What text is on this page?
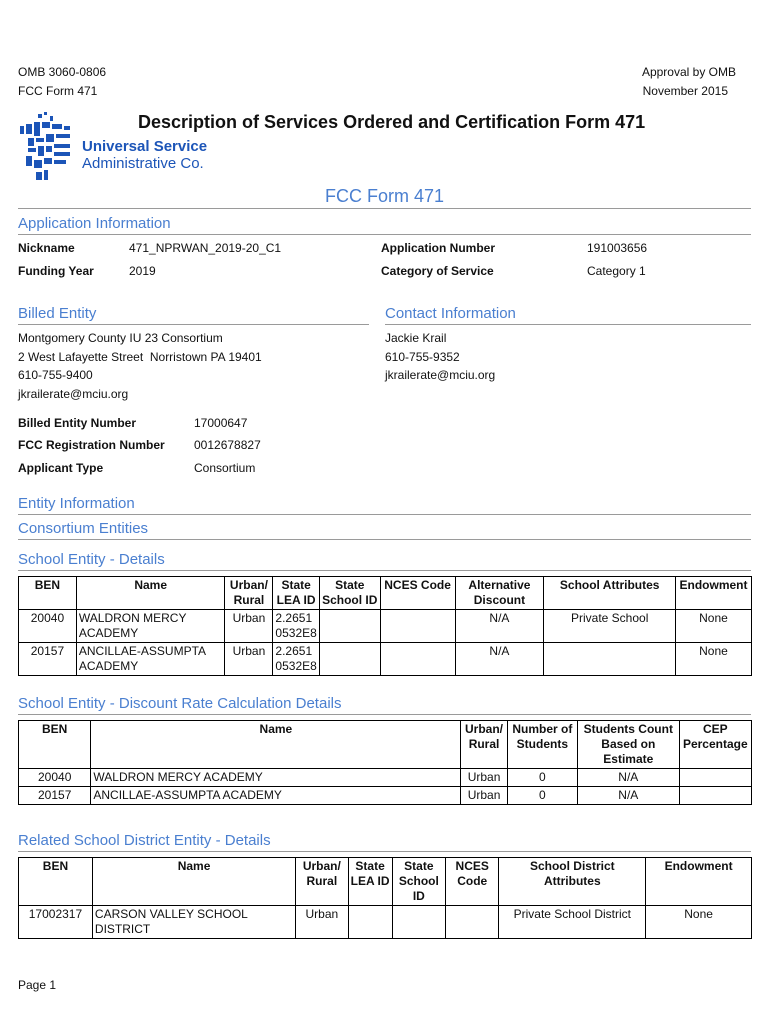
OMB 3060-0806
FCC Form 471
Approval by OMB
November 2015
Universal Service
Administrative Co.
Description of Services Ordered and Certification Form 471
FCC Form 471
Application Information
Nickname	471_NPRWAN_2019-20_C1	Application Number	191003656
Funding Year	2019	Category of Service	Category 1
Billed Entity	Contact Information
Montgomery County IU 23 Consortium
2 West Lafayette Street  Norristown PA 19401
610-755-9400
jkrailerate@mciu.org
Jackie Krail
610-755-9352
jkrailerate@mciu.org
Billed Entity Number	17000647
FCC Registration Number 0012678827
Applicant Type	Consortium
Entity Information
Consortium Entities
School Entity - Details
BEN	Name	Urban/ Rural	State LEA ID	State School ID	NCES Code	Alternative Discount	School Attributes	Endowment
20040	WALDRON MERCY ACADEMY	Urban	2.2651 0532E8			N/A	Private School	None
20157	ANCILLAE-ASSUMPTA ACADEMY	Urban	2.2651 0532E8			N/A		None
School Entity - Discount Rate Calculation Details
BEN	Name	Urban/ Rural	Number of Students	Students Count Based on Estimate	CEP Percentage
20040	WALDRON MERCY ACADEMY	Urban	0	N/A	
20157	ANCILLAE-ASSUMPTA ACADEMY	Urban	0	N/A	
Related School District Entity - Details
BEN	Name	Urban/ Rural	State LEA ID	State School ID	NCES Code	School District Attributes	Endowment
17002317	CARSON VALLEY SCHOOL DISTRICT	Urban				Private School District	None
Page 1
